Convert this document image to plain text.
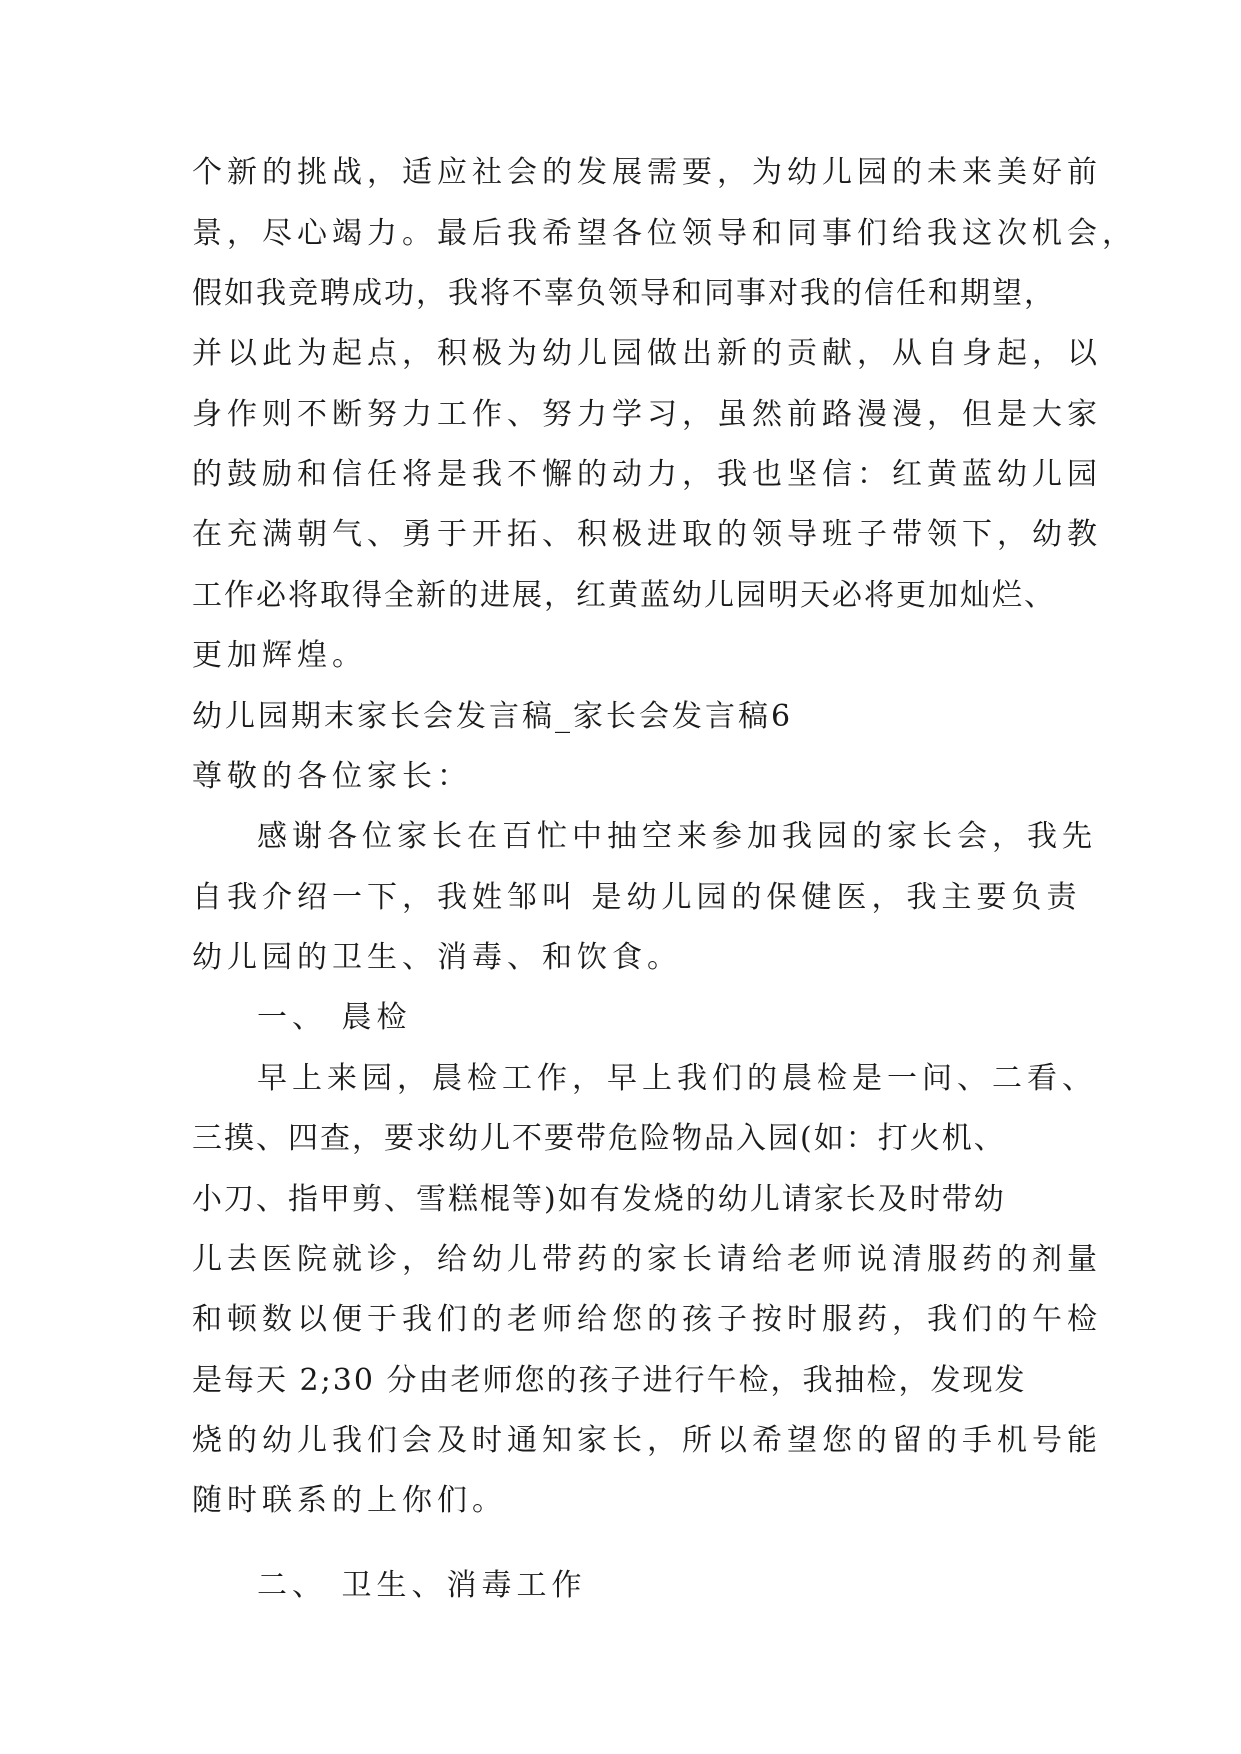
个新的挑战，适应社会的发展需要，为幼儿园的未来美好前
景，尽心竭力。最后我希望各位领导和同事们给我这次机会，
假如我竞聘成功，我将不辜负领导和同事对我的信任和期望，
并以此为起点，积极为幼儿园做出新的贡献，从自身起，以
身作则不断努力工作、努力学习，虽然前路漫漫，但是大家
的鼓励和信任将是我不懈的动力，我也坚信：红黄蓝幼儿园
在充满朝气、勇于开拓、积极进取的领导班子带领下，幼教
工作必将取得全新的进展，红黄蓝幼儿园明天必将更加灿烂、
更加辉煌。
幼儿园期末家长会发言稿_家长会发言稿6
尊敬的各位家长：
感谢各位家长在百忙中抽空来参加我园的家长会，我先
自我介绍一下，我姓邹叫 是幼儿园的保健医，我主要负责
幼儿园的卫生、消毒、和饮食。
一、 晨检
早上来园，晨检工作，早上我们的晨检是一问、二看、
三摸、四查，要求幼儿不要带危险物品入园(如：打火机、
小刀、指甲剪、雪糕棍等)如有发烧的幼儿请家长及时带幼
儿去医院就诊，给幼儿带药的家长请给老师说清服药的剂量
和顿数以便于我们的老师给您的孩子按时服药，我们的午检
是每天 2;30 分由老师您的孩子进行午检，我抽检，发现发
烧的幼儿我们会及时通知家长，所以希望您的留的手机号能
随时联系的上你们。
二、 卫生、消毒工作
